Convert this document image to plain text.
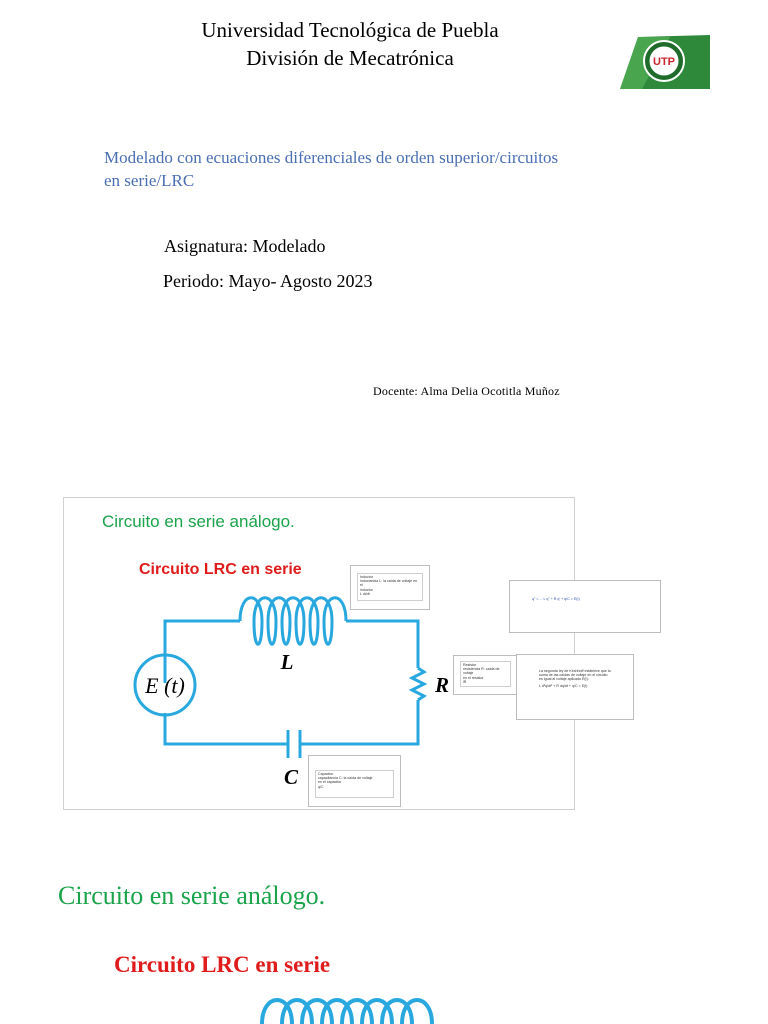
Universidad Tecnológica de Puebla
División de Mecatrónica	UTP
Modelado con ecuaciones diferenciales de orden superior/circuitos en serie/LRC
Asignatura: Modelado
Periodo: Mayo- Agosto 2023
Docente: Alma Delia Ocotitla Muñoz
Circuito en serie análogo.
Circuito LRC en serie
E (t)
L
R
C
Inductor
inductancia L: la caída de voltaje en el
inductor
L di/dt
q'' = ... L q'' + R q' + q/C = E(t)
Resistor
resistencia R: caída de voltaje
en el resistor
iR
La segunda ley de Kirchhoff establece que la suma de las caídas de voltaje en el circuito es igual al voltaje aplicado E(t):
L d²q/dt² + R dq/dt + q/C = E(t)
Capacitor
capacitancia C: la caída de voltaje
en el capacitor
q/C
Circuito en serie análogo.
Circuito LRC en serie
